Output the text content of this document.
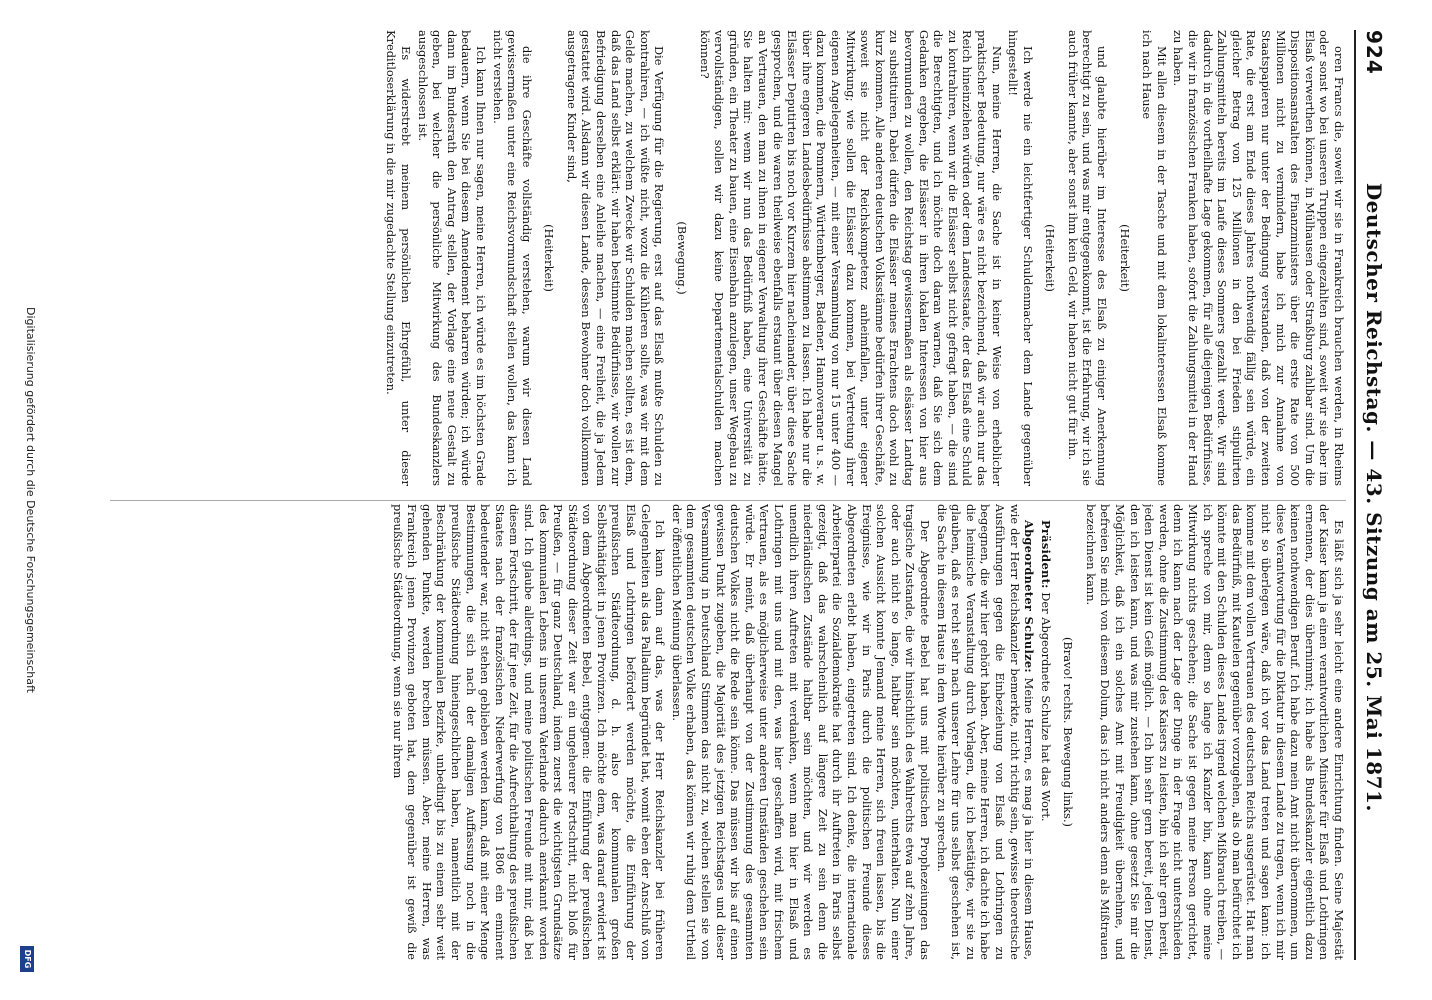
924
Deutscher Reichstag. — 43. Sitzung am 25. Mai 1871.

oren Francs die, soweit wir sie in Frankreich brauchen werden, in Rheims oder sonst wo bei unseren Truppen eingezahlten sind, soweit wir sie aber im Elsaß verwerthen können, in Mülhausen oder Straßburg zahlbar sind. Um die Dispositionsanstalten des Finanzministers über die erste Rate von 500 Millionen nicht zu vermindern, habe ich mich zur Annahme von Staatspapieren nur unter der Bedingung verstanden, daß von der zweiten Rate, die erst am Ende dieses Jahres nothwendig fällig sein würde, ein gleicher Betrag von 125 Millionen in den bei Frieden stipulirten Zahlungsmitteln bereits im Laufe dieses Sommers gezahlt werde. Wir sind dadurch in die vortheilhafte Lage gekommen, für alle diejenigen Bedürfnisse, die wir in französischen Franken haben, sofort die Zahlungsmittel in der Hand zu haben.

Mit allen diesem in der Tasche und mit dem lokalinteressen Elsaß komme ich nach Hause

(Heiterkeit)

und glaubte hierüber im Interesse des Elsaß zu einiger Anerkennung berechtigt zu sein, und was mir entgegenkommt, ist die Erfahrung, wir ich sie auch früher kannte, aber sonst ihm kein Geld, wir haben nicht gut für ihn.

(Heiterkeit)

Ich werde nie ein leichtfertiger Schuldenmacher dem Lande gegenüber hingestellt!

Nun, meine Herren, die Sache ist in keiner Weise von erheblicher praktischer Bedeutung, nur wäre es nicht bezeichnend, daß wir auch nur das Reich hineinziehen würden oder dem Landesstaate, der das Elsaß eine Schuld zu kontrahiren, wenn wir die Elsässer selbst nicht gefragt haben, — die sind die Berechtigten, und ich möchte doch daran warnen, daß Sie sich dem Gedanken ergeben, die Elsässer in ihren lokalen Interessen von hier aus bevormunden zu wollen, den Reichstag gewissermaßen als elsässer Landtag zu substituiren. Dabei dürfen die Elsässer meines Erachtens doch wohl zu kurz kommen. Alle anderen deutschen Volksstämme bedürfen ihrer Geschäfte, soweit sie nicht der Reichskompetenz anheimfallen, unter eigener Mitwirkung; wie sollen die Elsässer dazu kommen, bei Vertretung ihrer eigenen Angelegenheiten, — mit einer Versammlung von nur 15 unter 400 — dazu kommen, die Pommern, Württemberger, Badener, Hannoveraner u. s. w. über ihre engeren Landesbedürfnisse abstimmen zu lassen. Ich habe nur die Elsässer Deputirten bis noch vor Kurzem hier nacheinander, über diese Sache gesprochen, und die waren theilweise ebenfalls erstaunt über diesen Mangel an Vertrauen, den man zu ihnen in eigener Verwaltung ihrer Geschäfte hätte. Sie halten mir: wenn wir nun das Bedürfniß haben, eine Universität zu gründen, ein Theater zu bauen, eine Eisenbahn anzulegen, unser Wegebau zu vervollständigen, sollen wir dazu keine Departementalschulden machen können?

(Bewegung.)

Die Verfügung für die Regierung, erst auf das Elsaß mußte Schulden zu kontrahiren, — ich wüßte nicht, wozu die Kühleren sollte, was wir mit dem Gelde machen, zu welchem Zwecke wir Schulden machen sollten, es ist dem, daß das Land selbst erklärt: wir haben bestimmte Bedürfnisse, wir wollen zur Befriedigung derselben eine Anleihe machen, — eine Freiheit, die ja Jedem gestattet wird. Alsdann wir diesen Lande, dessen Bewohner doch vollkommen ausgetragene Kinder sind,

(Heiterkeit)

die ihre Geschäfte vollständig verstehen, warum wir diesen Land gewissermaßen unter eine Reichsvormundschaft stellen wollen, das kann ich nicht verstehen.

Ich kann Ihnen nur sagen, meine Herren, ich würde es im höchsten Grade bedauern, wenn Sie bei diesem Amendement beharren würden; ich würde dann im Bundesrath den Antrag stellen, der Vorlage eine neue Gestalt zu geben, bei welcher die persönliche Mitwirkung des Bundeskanzlers ausgeschlossen ist.

Es widerstrebt meinem persönlichen Ehrgefühl, unter dieser Kreditloserklärung in die mir zugedachte Stellung einzutreten.

Es läßt sich ja sehr leicht eine andere Einrichtung finden. Seine Majestät der Kaiser kann ja einen verantwortlichen Minister für Elsaß und Lothringen ernennen, der dies übernimmt; ich habe als Bundeskanzler eigentlich dazu keinen nothwendigen Beruf. Ich habe dazu mein Amt nicht übernommen, um diese Verantwortung für die Diktatur in diesem Lande zu tragen, wenn ich mir nicht so überlegen wäre, daß ich vor das Land treten und sagen kann: ich komme mit dem vollen Vertrauen des deutschen Reichs ausgerüstet. Hat man das Bedürfniß, mit Kautelen gegenüber vorzugehen, als ob man befürchtet ich könnte mit den Schulden dieses Landes irgend welchen Mißbrauch treiben, — ich spreche von mir, denn so lange ich Kanzler bin, kann ohne meine Mitwirkung nichts geschehen; die Sache ist gegen meine Person gerichtet, denn ich kann nach der Lage der Dinge in der Frage nicht unterschieden werden, ohne die Zustimmung des Kaisers zu leisten, bin ich sehr gern bereit, jeden Dienst ist kein Geiß möglich. — Ich bin sehr gern bereit, jeden Dienst, den ich leisten kann, und was mir zustehen kann, ohne gesetzt Sie mir die Möglichkeit, daß ich ein solches Amt mit Freudigkeit übernehme, und befreien Sie mich von diesem Dolum, das ich nicht anders denn als Mißtrauen bezeichnen kann.

(Bravo! rechts. Bewegung links.)

Präsident: Der Abgeordnete Schulze hat das Wort.

Abgeordneter Schulze: Meine Herren, es mag ja hier in diesem Hause, wie der Herr Reichskanzler bemerkte, nicht richtig sein, gewisse theoretische Ausführungen gegen die Einbeziehung von Elsaß und Lothringen zu begegnen, die wir hier gehört haben. Aber, meine Herren, ich dachte ich habe die heimische Veranstaltung durch Vorlagen, die ich bestätigte, wir sie zu glauben, daß es recht sehr nach unserer Lehre für uns selbst geschehen ist, die Sache in diesem Hause in dem Worte hierüber zu sprechen.

Der Abgeordnete Bebel hat uns mit politischen Prophezeiungen das tragische Zustande, die wir hinsichtlich des Wahlrechts etwa auf zehn Jahre, oder auch nicht so lange, haltbar sein möchten, unterhalten. Nun einer solchen Aussicht konnte Jemand meine Herren, sich freuen lassen, bis die Ereignisse, wie wir in Paris durch die politischen Freunde dieses Abgeordneten erlebt haben, eingetreten sind. Ich denke, die internationale Arbeiterpartei die Sozialdemokratie hat durch ihr Auftreten in Paris selbst gezeigt, daß das wahrscheinlich auf längere Zeit zu sein denn die niederländischen Zustände haltbar sein möchten, und wir werden es unendlich ihren Auftreten mit verdanken, wenn man hier in Elsaß und Lothringen mit uns und mit den, was hier geschaffen wird, mit frischem Vertrauen, als es möglicherweise unter anderen Umständen geschehen sein würde. Er meint, daß überhaupt von der Zustimmung des gesammten deutschen Volkes nicht die Rede sein könne. Das müssen wir bis auf einen gewissen Punkt zugeben, die Majorität des jetzigen Reichstages und dieser Versammlung in Deutschland Stimmen das nicht zu, welchen stellen sie von dem gesammten deutschen Volke erhaben, das können wir ruhig dem Urtheil der öffentlichen Meinung überlassen.

Ich kann dann auf das, was der Herr Reichskanzler bei früheren Gelegenheiten als das Palladium begründet hat, womit eben der Anschluß von Elsaß und Lothringen befördert werden möchte, die Einführung der preußischen Städteordnung, d. h. also der kommunalen großen Selbstthätigkeit in jenen Provinzen. Ich möchte dem, was darauf erwidert ist von dem Abgeordneten Bebel, entgegnen: die Einführung der preußischen Städteordnung dieser Zeit war ein ungeheurer Fortschritt, nicht bloß für Preußen, — für ganz Deutschland, indem zuerst die wichtigsten Grundsätze des kommunalen Lebens in unserem Vaterlande dadurch anerkannt worden sind. Ich glaube allerdings, und meine politischen Freunde mit mir, daß bei diesem Fortschritt, der für jene Zeit, für die Aufrechthaltung des preußischen Staates nach der französischen Niederwerfung von 1806 ein eminent bedeutender war, nicht stehen geblieben werden kann, daß mit einer Menge Bestimmungen, die sich nach der damaligen Auffassung noch in die preußische Städteordnung hineingeschlichen haben, namentlich mit der Beschränkung der kommunalen Bezirke, unbedingt bis zu einem sehr weit gehenden Punkte, werden brechen müssen. Aber, meine Herren, was Frankreich jenen Provinzen geboten hat, dem gegenüber ist gewiß die preußische Städteordnung, wenn sie nur ihrem

Digitalisierung gefördert durch die Deutsche Forschungsgemeinschaft
DFG
